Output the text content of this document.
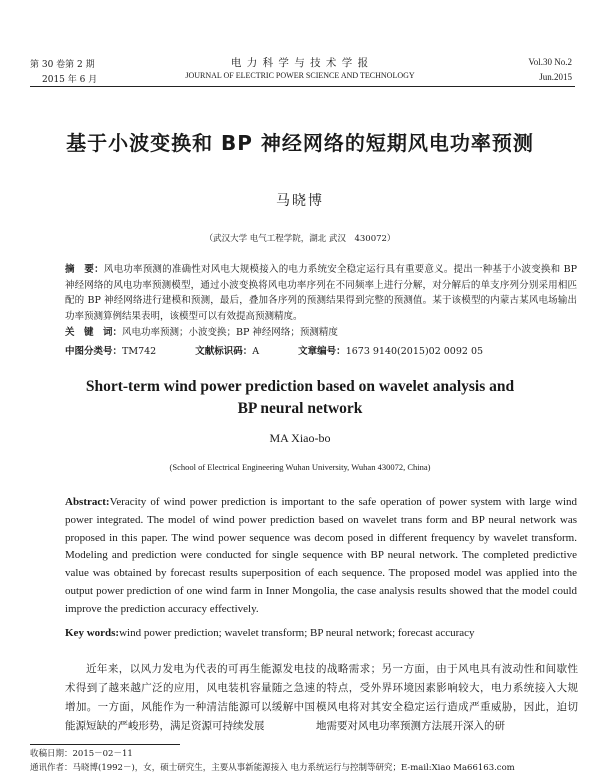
第 30 卷第 2 期
2015 年 6 月
电 力 科 学 与 技 术 学 报
JOURNAL OF ELECTRIC POWER SCIENCE AND TECHNOLOGY
Vol.30 No.2
Jun.2015
基于小波变换和 BP 神经网络的短期风电功率预测
马晓博
（武汉大学 电气工程学院，湖北 武汉　430072）
摘　要：风电功率预测的准确性对风电大规模接入的电力系统安全稳定运行具有重要意义。提出一种基于小波变换和 BP 神经网络的风电功率预测模型，通过小波变换将风电功率序列在不同频率上进行分解，对分解后的单支序列分别采用相匹配的 BP 神经网络进行建模和预测，最后，叠加各序列的预测结果得到完整的预测值。某于该模型的内蒙古某风电场输出功率预测算例结果表明，该模型可以有效提高预测精度。
关　键　词：风电功率预测；小波变换；BP 神经网络；预测精度
中图分类号：TM742	文献标识码：A	文章编号：1673 9140(2015)02 0092 05
Short-term wind power prediction based on wavelet analysis and
BP neural network
MA Xiao-bo
(School of Electrical Engineering Wuhan University, Wuhan 430072, China)
Abstract:Veracity of wind power prediction is important to the safe operation of power system with large wind power integrated. The model of wind power prediction based on wavelet trans form and BP neural network was proposed in this paper. The wind power sequence was decom posed in different frequency by wavelet transform. Modeling and prediction were conducted for single sequence with BP neural network. The completed predictive value was obtained by forecast results superposition of each sequence. The proposed model was applied into the output power prediction of one wind farm in Inner Mongolia, the case analysis results showed that the model could improve the prediction accuracy effectively.
Key words:wind power prediction; wavelet transform; BP neural network; forecast accuracy
近年来，以风力发电为代表的可再生能源发电技术得到了越来越广泛的应用，风电装机容量随之急速增加。一方面，风能作为一种清洁能源可以缓解中国能源短缺的严峻形势，满足资源可持续发展
的战略需求；另一方面，由于风电具有波动性和间歇性的特点，受外界环境因素影响较大，电力系统接入大规模风电将对其安全稳定运行造成严重威胁，因此，迫切地需要对风电功率预测方法展开深入的研
收稿日期：2015－02－11
通讯作者：马晓博(1992－)，女，硕士研究生，主要从事新能源接入 电力系统运行与控制等研究；E-mail:Xiao Ma66163.com
